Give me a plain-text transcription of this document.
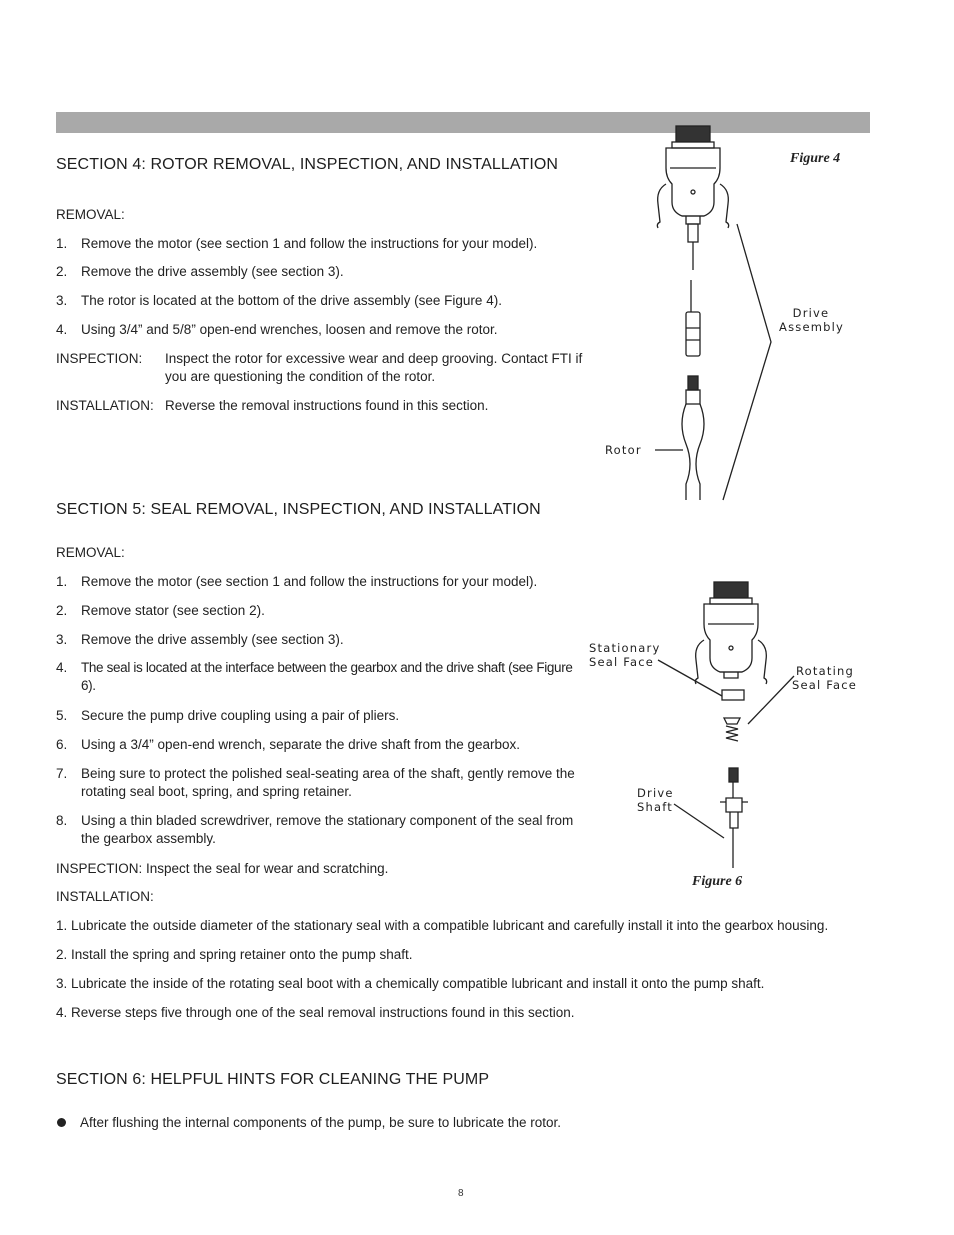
SECTION 4: ROTOR REMOVAL, INSPECTION, AND INSTALLATION
REMOVAL:
1. Remove the motor (see section 1 and follow the instructions for your model).
2. Remove the drive assembly (see section 3).
3. The rotor is located at the bottom of the drive assembly (see Figure 4).
4. Using 3/4” and 5/8” open-end wrenches, loosen and remove the rotor.
INSPECTION: Inspect the rotor for excessive wear and deep grooving. Contact FTI if
you are questioning the condition of the rotor.
INSTALLATION: Reverse the removal instructions found in this section.
Figure 4
Drive
Assembly
Rotor
SECTION 5: SEAL REMOVAL, INSPECTION, AND INSTALLATION
REMOVAL:
1. Remove the motor (see section 1 and follow the instructions for your model).
2. Remove stator (see section 2).
3. Remove the drive assembly (see section 3).
4. The seal is located at the interface between the gearbox and the drive shaft (see Figure
6).
5. Secure the pump drive coupling using a pair of pliers.
6. Using a 3/4” open-end wrench, separate the drive shaft from the gearbox.
7. Being sure to protect the polished seal-seating area of the shaft, gently remove the
rotating seal boot, spring, and spring retainer.
8. Using a thin bladed screwdriver, remove the stationary component of the seal from
the gearbox assembly.
INSPECTION: Inspect the seal for wear and scratching.
INSTALLATION:
1. Lubricate the outside diameter of the stationary seal with a compatible lubricant and carefully install it into the gearbox housing.
2. Install the spring and spring retainer onto the pump shaft.
3. Lubricate the inside of the rotating seal boot with a chemically compatible lubricant and install it onto the pump shaft.
4. Reverse steps five through one of the seal removal instructions found in this section.
Stationary
Seal Face
Rotating
Seal Face
Drive
Shaft
Figure 6
SECTION 6: HELPFUL HINTS FOR CLEANING THE PUMP
After flushing the internal components of the pump, be sure to lubricate the rotor.
8
